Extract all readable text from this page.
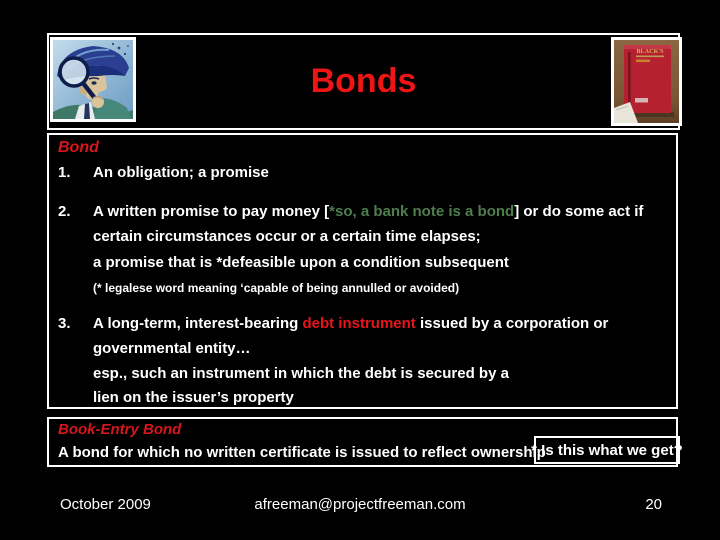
Bonds
BLACK'S
Bond
1. An obligation; a promise
2. A written promise to pay money [*so, a bank note is a bond] or do some act if
certain circumstances occur or a certain time elapses;
a promise that is *defeasible upon a condition subsequent
(* legalese word meaning ‘capable of being annulled or avoided)
3. A long-term, interest-bearing debt instrument issued by a corporation or
governmental entity…
esp., such an instrument in which the debt is secured by a
lien on the issuer’s property
Book-Entry Bond
A bond for which no written certificate is issued to reflect ownership
* Is this what we get?
October 2009	afreeman@projectfreeman.com	20
